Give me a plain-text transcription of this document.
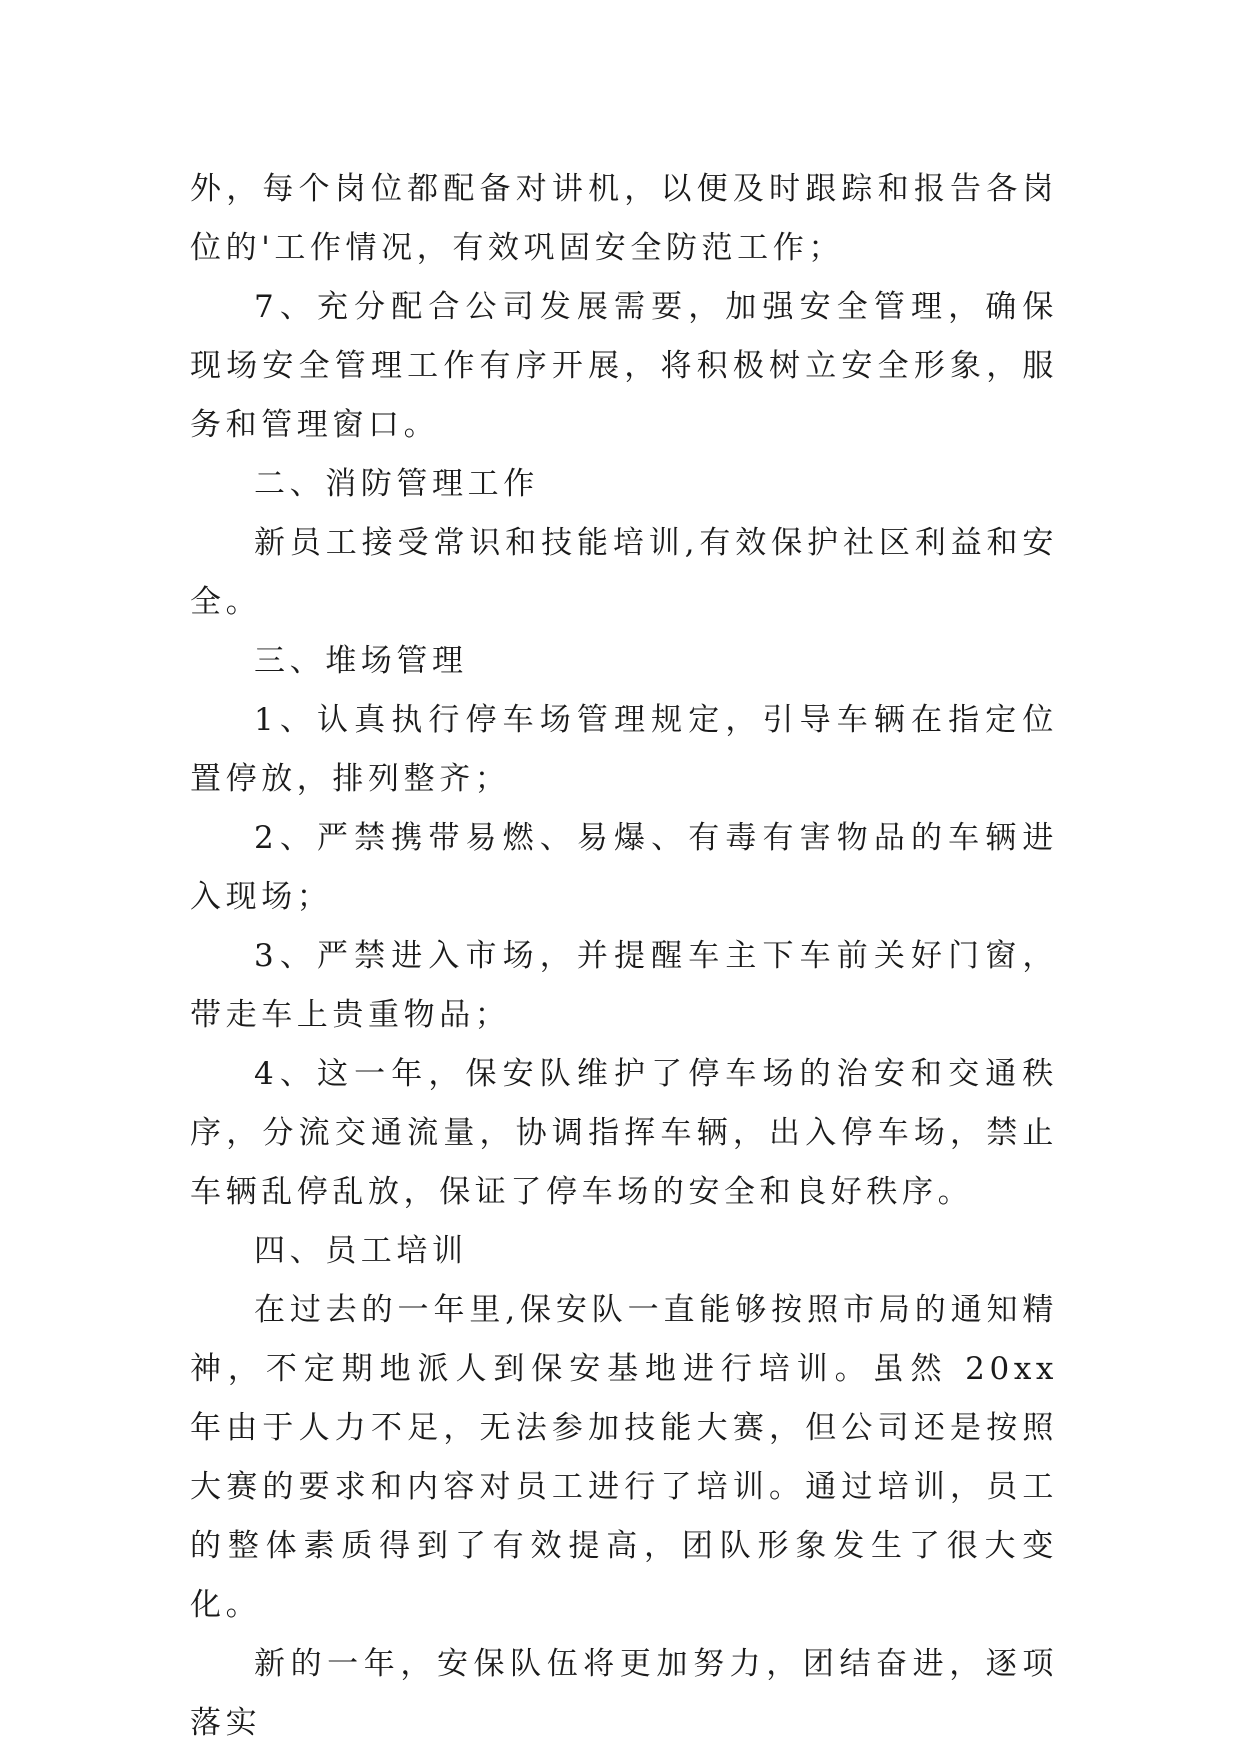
外，每个岗位都配备对讲机，以便及时跟踪和报告各岗位的'工作情况，有效巩固安全防范工作；

7、充分配合公司发展需要，加强安全管理，确保现场安全管理工作有序开展，将积极树立安全形象，服务和管理窗口。

二、消防管理工作

新员工接受常识和技能培训,有效保护社区利益和安全。

三、堆场管理

1、认真执行停车场管理规定，引导车辆在指定位置停放，排列整齐；

2、严禁携带易燃、易爆、有毒有害物品的车辆进入现场；

3、严禁进入市场，并提醒车主下车前关好门窗，带走车上贵重物品；

4、这一年，保安队维护了停车场的治安和交通秩序，分流交通流量，协调指挥车辆，出入停车场，禁止车辆乱停乱放，保证了停车场的安全和良好秩序。

四、员工培训

在过去的一年里,保安队一直能够按照市局的通知精神，不定期地派人到保安基地进行培训。虽然 20xx 年由于人力不足，无法参加技能大赛，但公司还是按照大赛的要求和内容对员工进行了培训。通过培训，员工的整体素质得到了有效提高，团队形象发生了很大变化。

新的一年，安保队伍将更加努力，团结奋进，逐项落实
